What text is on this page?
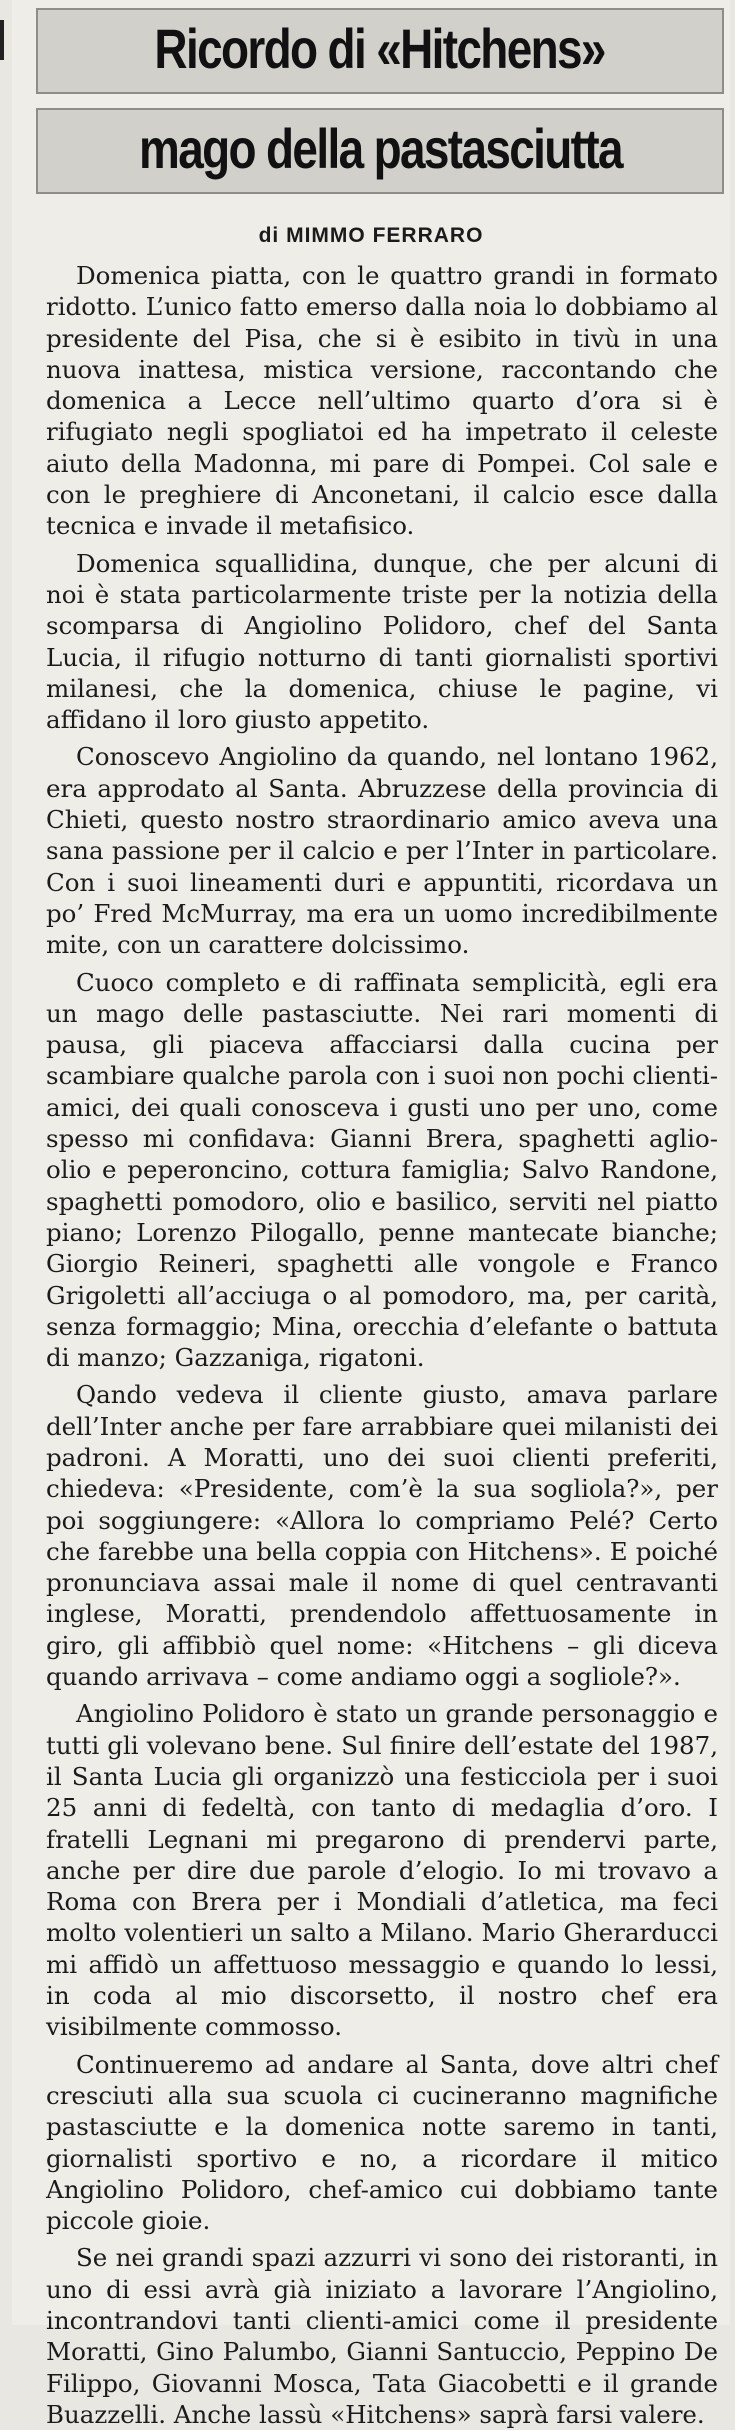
Ricordo di «Hitchens»
mago della pastasciutta
di MIMMO FERRARO

Domenica piatta, con le quattro grandi in formato ridotto. L’unico fatto emerso dalla noia lo dobbiamo al presidente del Pisa, che si è esibito in tivù in una nuova inattesa, mistica versione, raccontando che domenica a Lecce nell’ultimo quarto d’ora si è rifugiato negli spogliatoi ed ha impetrato il celeste aiuto della Madonna, mi pare di Pompei. Col sale e con le preghiere di Anconetani, il calcio esce dalla tecnica e invade il metafisico.

Domenica squallidina, dunque, che per alcuni di noi è stata particolarmente triste per la notizia della scomparsa di Angiolino Polidoro, chef del Santa Lucia, il rifugio notturno di tanti giornalisti sportivi milanesi, che la domenica, chiuse le pagine, vi affidano il loro giusto appetito.

Conoscevo Angiolino da quando, nel lontano 1962, era approdato al Santa. Abruzzese della provincia di Chieti, questo nostro straordinario amico aveva una sana passione per il calcio e per l’Inter in particolare. Con i suoi lineamenti duri e appuntiti, ricordava un po’ Fred McMurray, ma era un uomo incredibilmente mite, con un carattere dolcissimo.

Cuoco completo e di raffinata semplicità, egli era un mago delle pastasciutte. Nei rari momenti di pausa, gli piaceva affacciarsi dalla cucina per scambiare qualche parola con i suoi non pochi clienti-amici, dei quali conosceva i gusti uno per uno, come spesso mi confidava: Gianni Brera, spaghetti aglio-olio e peperoncino, cottura famiglia; Salvo Randone, spaghetti pomodoro, olio e basilico, serviti nel piatto piano; Lorenzo Pilogallo, penne mantecate bianche; Giorgio Reineri, spaghetti alle vongole e Franco Grigoletti all’acciuga o al pomodoro, ma, per carità, senza formaggio; Mina, orecchia d’elefante o battuta di manzo; Gazzaniga, rigatoni.

Qando vedeva il cliente giusto, amava parlare dell’Inter anche per fare arrabbiare quei milanisti dei padroni. A Moratti, uno dei suoi clienti preferiti, chiedeva: «Presidente, com’è la sua sogliola?», per poi soggiungere: «Allora lo compriamo Pelé? Certo che farebbe una bella coppia con Hitchens». E poiché pronunciava assai male il nome di quel centravanti inglese, Moratti, prendendolo affettuosamente in giro, gli affibbiò quel nome: «Hitchens – gli diceva quando arrivava – come andiamo oggi a sogliole?».

Angiolino Polidoro è stato un grande personaggio e tutti gli volevano bene. Sul finire dell’estate del 1987, il Santa Lucia gli organizzò una festicciola per i suoi 25 anni di fedeltà, con tanto di medaglia d’oro. I fratelli Legnani mi pregarono di prendervi parte, anche per dire due parole d’elogio. Io mi trovavo a Roma con Brera per i Mondiali d’atletica, ma feci molto volentieri un salto a Milano. Mario Gherarducci mi affidò un affettuoso messaggio e quando lo lessi, in coda al mio discorsetto, il nostro chef era visibilmente commosso.

Continueremo ad andare al Santa, dove altri chef cresciuti alla sua scuola ci cucineranno magnifiche pastasciutte e la domenica notte saremo in tanti, giornalisti sportivo e no, a ricordare il mitico Angiolino Polidoro, chef-amico cui dobbiamo tante piccole gioie.

Se nei grandi spazi azzurri vi sono dei ristoranti, in uno di essi avrà già iniziato a lavorare l’Angiolino, incontrandovi tanti clienti-amici come il presidente Moratti, Gino Palumbo, Gianni Santuccio, Peppino De Filippo, Giovanni Mosca, Tata Giacobetti e il grande Buazzelli. Anche lassù «Hitchens» saprà farsi valere.
